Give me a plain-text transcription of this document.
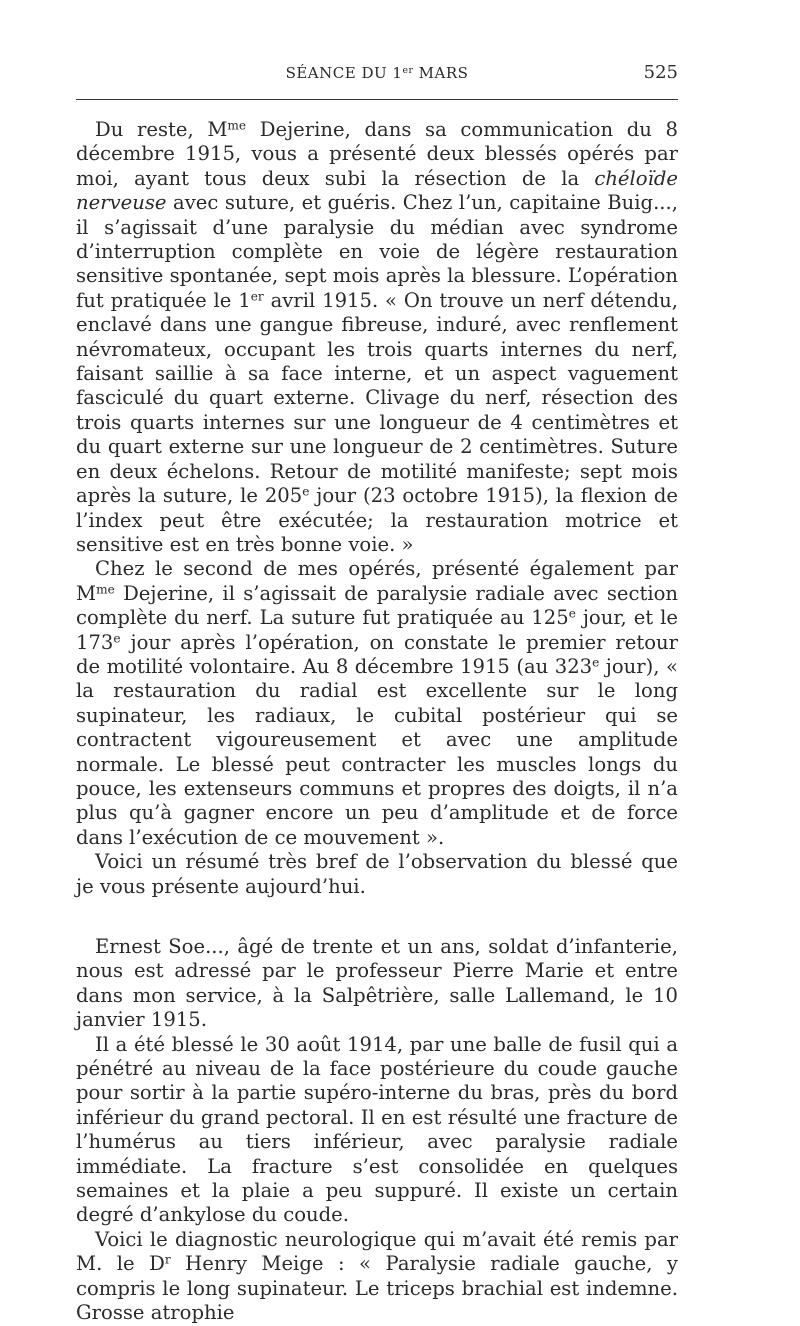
SÉANCE DU 1er MARS	525

Du reste, $M^{me}$ Dejerine, dans sa communication du 8 décembre 1915, vous a présenté deux blessés opérés par moi, ayant tous deux subi la résection de la chéloïde nerveuse avec suture, et guéris. Chez l’un, capitaine Buig..., il s’agissait d’une paralysie du médian avec syndrome d’interruption complète en voie de légère restauration sensitive spontanée, sept mois après la blessure. L’opération fut pratiquée le 1er avril 1915. « On trouve un nerf détendu, enclavé dans une gangue fibreuse, induré, avec renflement névromateux, occupant les trois quarts internes du nerf, faisant saillie à sa face interne, et un aspect vaguement fasciculé du quart externe. Clivage du nerf, résection des trois quarts internes sur une longueur de 4 centimètres et du quart externe sur une longueur de 2 centimètres. Suture en deux échelons. Retour de motilité manifeste; sept mois après la suture, le 205e jour (23 octobre 1915), la flexion de l’index peut être exécutée; la restauration motrice et sensitive est en très bonne voie. »

Chez le second de mes opérés, présenté également par $M^{me}$ Dejerine, il s’agissait de paralysie radiale avec section complète du nerf. La suture fut pratiquée au 125e jour, et le 173e jour après l’opération, on constate le premier retour de motilité volontaire. Au 8 décembre 1915 (au 323e jour), « la restauration du radial est excellente sur le long supinateur, les radiaux, le cubital postérieur qui se contractent vigoureusement et avec une amplitude normale. Le blessé peut contracter les muscles longs du pouce, les extenseurs communs et propres des doigts, il n’a plus qu’à gagner encore un peu d’amplitude et de force dans l’exécution de ce mouvement ».

Voici un résumé très bref de l’observation du blessé que je vous présente aujourd’hui.

Ernest Soe..., âgé de trente et un ans, soldat d’infanterie, nous est adressé par le professeur Pierre Marie et entre dans mon service, à la Salpêtrière, salle Lallemand, le 10 janvier 1915.

Il a été blessé le 30 août 1914, par une balle de fusil qui a pénétré au niveau de la face postérieure du coude gauche pour sortir à la partie supéro-interne du bras, près du bord inférieur du grand pectoral. Il en est résulté une fracture de l’humérus au tiers inférieur, avec paralysie radiale immédiate. La fracture s’est consolidée en quelques semaines et la plaie a peu suppuré. Il existe un certain degré d’ankylose du coude.

Voici le diagnostic neurologique qui m’avait été remis par M. le $D^r$ Henry Meige : « Paralysie radiale gauche, y compris le long supinateur. Le triceps brachial est indemne. Grosse atrophie
